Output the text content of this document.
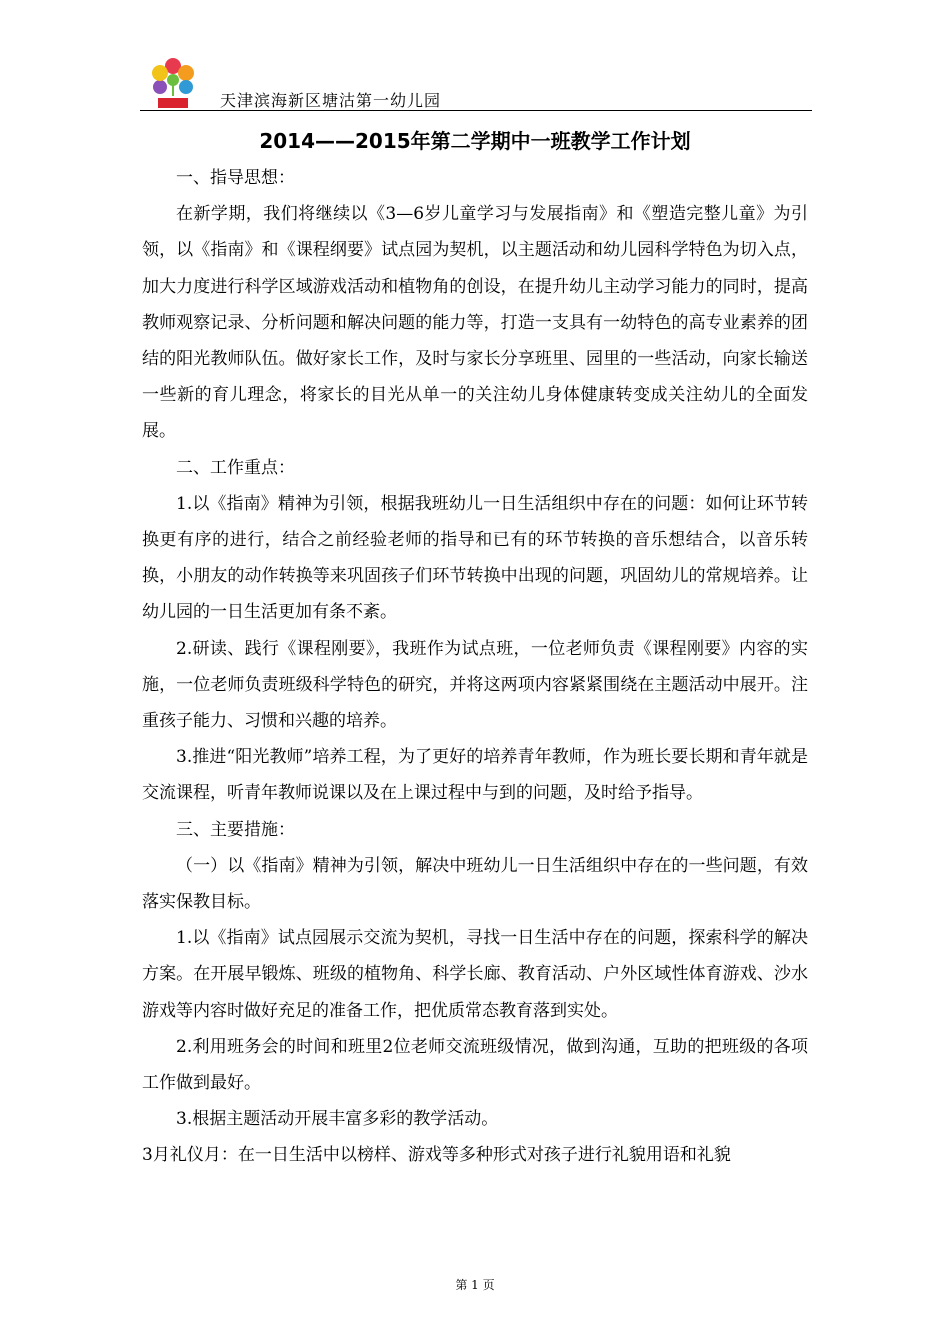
天津滨海新区塘沽第一幼儿园
2014——2015年第二学期中一班教学工作计划

一、指导思想：

在新学期，我们将继续以《3—6岁儿童学习与发展指南》和《塑造完整儿童》为引领，以《指南》和《课程纲要》试点园为契机，以主题活动和幼儿园科学特色为切入点，加大力度进行科学区域游戏活动和植物角的创设，在提升幼儿主动学习能力的同时，提高教师观察记录、分析问题和解决问题的能力等，打造一支具有一幼特色的高专业素养的团结的阳光教师队伍。做好家长工作，及时与家长分享班里、园里的一些活动，向家长输送一些新的育儿理念，将家长的目光从单一的关注幼儿身体健康转变成关注幼儿的全面发展。

二、工作重点：

1.以《指南》精神为引领，根据我班幼儿一日生活组织中存在的问题：如何让环节转换更有序的进行，结合之前经验老师的指导和已有的环节转换的音乐想结合，以音乐转换，小朋友的动作转换等来巩固孩子们环节转换中出现的问题，巩固幼儿的常规培养。让幼儿园的一日生活更加有条不紊。

2.研读、践行《课程刚要》，我班作为试点班，一位老师负责《课程刚要》内容的实施，一位老师负责班级科学特色的研究，并将这两项内容紧紧围绕在主题活动中展开。注重孩子能力、习惯和兴趣的培养。

3.推进“阳光教师”培养工程，为了更好的培养青年教师，作为班长要长期和青年就是交流课程，听青年教师说课以及在上课过程中与到的问题，及时给予指导。

三、主要措施：

（一）以《指南》精神为引领，解决中班幼儿一日生活组织中存在的一些问题，有效落实保教目标。

1.以《指南》试点园展示交流为契机，寻找一日生活中存在的问题，探索科学的解决方案。在开展早锻炼、班级的植物角、科学长廊、教育活动、户外区域性体育游戏、沙水游戏等内容时做好充足的准备工作，把优质常态教育落到实处。

2.利用班务会的时间和班里2位老师交流班级情况，做到沟通，互助的把班级的各项工作做到最好。

3.根据主题活动开展丰富多彩的教学活动。

3月礼仪月：在一日生活中以榜样、游戏等多种形式对孩子进行礼貌用语和礼貌

第 1 页
